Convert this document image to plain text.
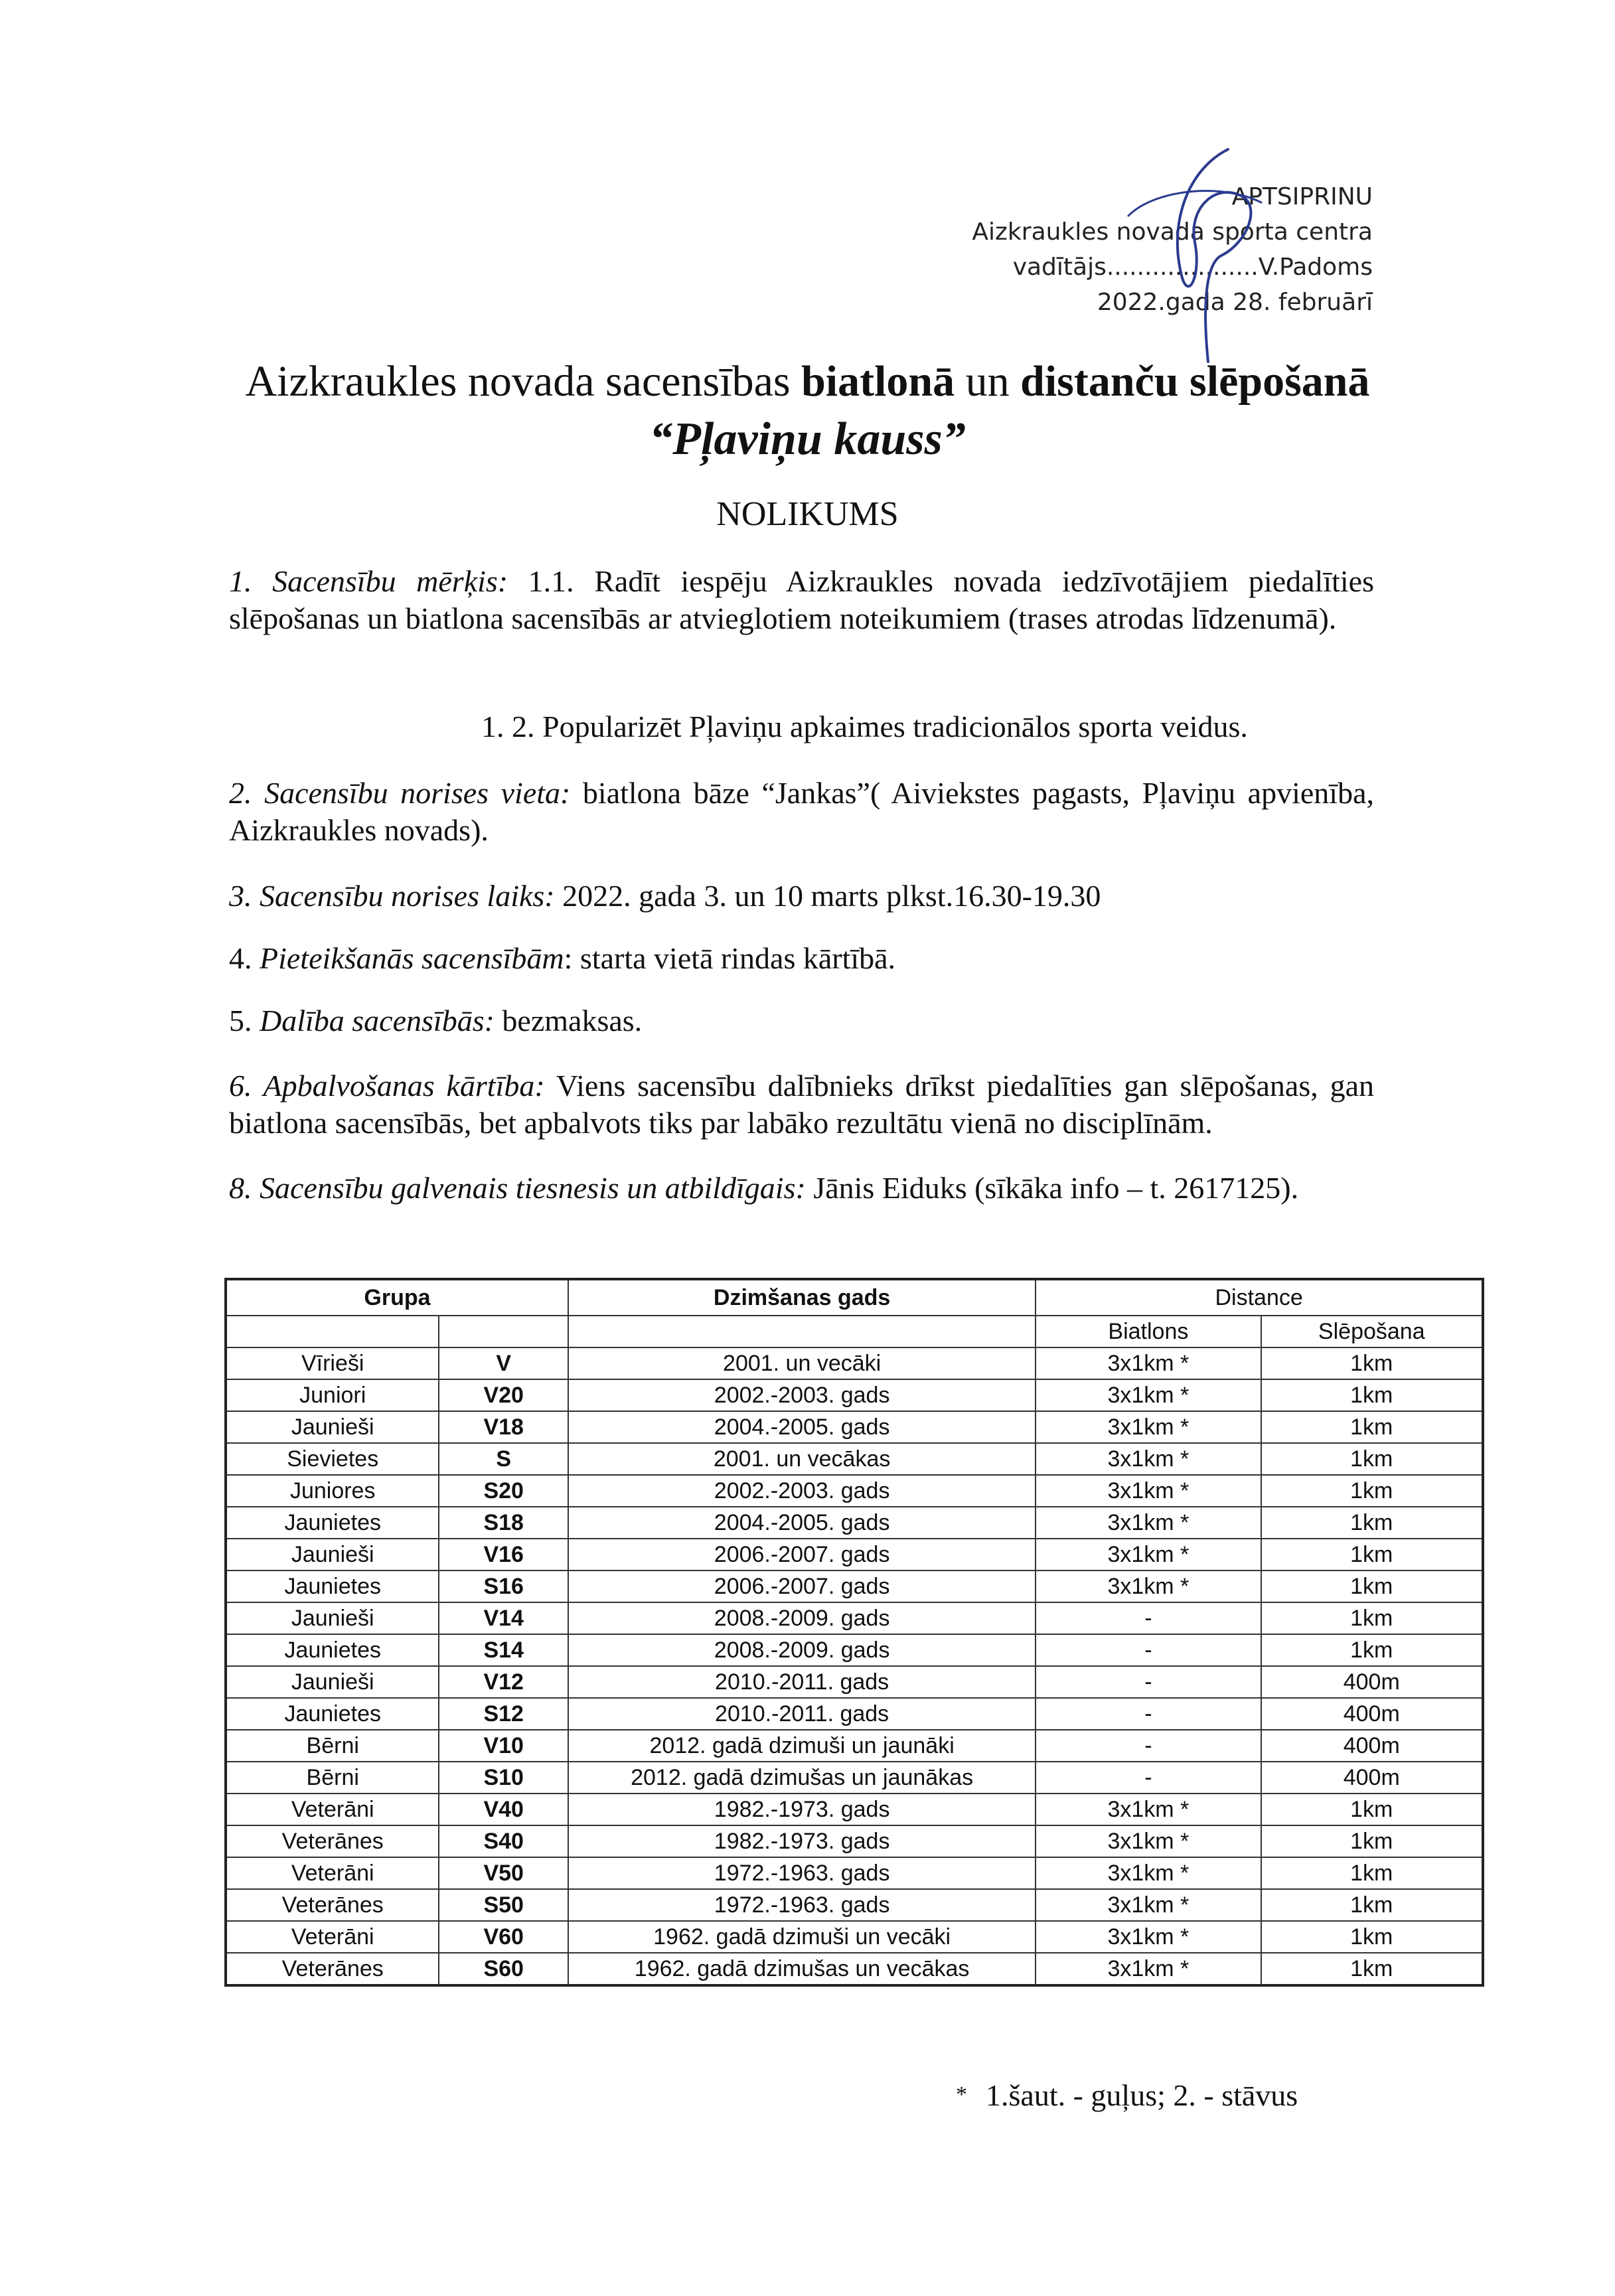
APTSIPRINU
Aizkraukles novada sporta centra
vadītājs....................V.Padoms
2022.gada 28. februārī
Aizkraukles novada sacensības biatlonā un distanču slēpošanā
“Pļaviņu kauss”
NOLIKUMS
1. Sacensību mērķis: 1.1. Radīt iespēju Aizkraukles novada iedzīvotājiem piedalīties slēpošanas un biatlona sacensībās ar atvieglotiem noteikumiem (trases atrodas līdzenumā).
1. 2. Popularizēt Pļaviņu apkaimes tradicionālos sporta veidus.
2. Sacensību norises vieta: biatlona bāze “Jankas”( Aiviekstes pagasts, Pļaviņu apvienība, Aizkraukles novads).
3. Sacensību norises laiks: 2022. gada 3. un 10 marts plkst.16.30-19.30
4. Pieteikšanās sacensībām: starta vietā rindas kārtībā.
5. Dalība sacensībās: bezmaksas.
6. Apbalvošanas kārtība: Viens sacensību dalībnieks drīkst piedalīties gan slēpošanas, gan biatlona sacensībās, bet apbalvots tiks par labāko rezultātu vienā no disciplīnām.
8. Sacensību galvenais tiesnesis un atbildīgais: Jānis Eiduks (sīkāka info – t. 2617125).
Grupa		Dzimšanas gads	Distance	
			Biatlons	Slēpošana
Vīrieši	V	2001. un vecāki	3x1km *	1km
Juniori	V20	2002.-2003. gads	3x1km *	1km
Jaunieši	V18	2004.-2005. gads	3x1km *	1km
Sievietes	S	2001. un vecākas	3x1km *	1km
Juniores	S20	2002.-2003. gads	3x1km *	1km
Jaunietes	S18	2004.-2005. gads	3x1km *	1km
Jaunieši	V16	2006.-2007. gads	3x1km *	1km
Jaunietes	S16	2006.-2007. gads	3x1km *	1km
Jaunieši	V14	2008.-2009. gads	-	1km
Jaunietes	S14	2008.-2009. gads	-	1km
Jaunieši	V12	2010.-2011. gads	-	400m
Jaunietes	S12	2010.-2011. gads	-	400m
Bērni	V10	2012. gadā dzimuši un jaunāki	-	400m
Bērni	S10	2012. gadā dzimušas un jaunākas	-	400m
Veterāni	V40	1982.-1973. gads	3x1km *	1km
Veterānes	S40	1982.-1973. gads	3x1km *	1km
Veterāni	V50	1972.-1963. gads	3x1km *	1km
Veterānes	S50	1972.-1963. gads	3x1km *	1km
Veterāni	V60	1962. gadā dzimuši un vecāki	3x1km *	1km
Veterānes	S60	1962. gadā dzimušas un vecākas	3x1km *	1km
* 1.šaut. - guļus; 2. - stāvus
